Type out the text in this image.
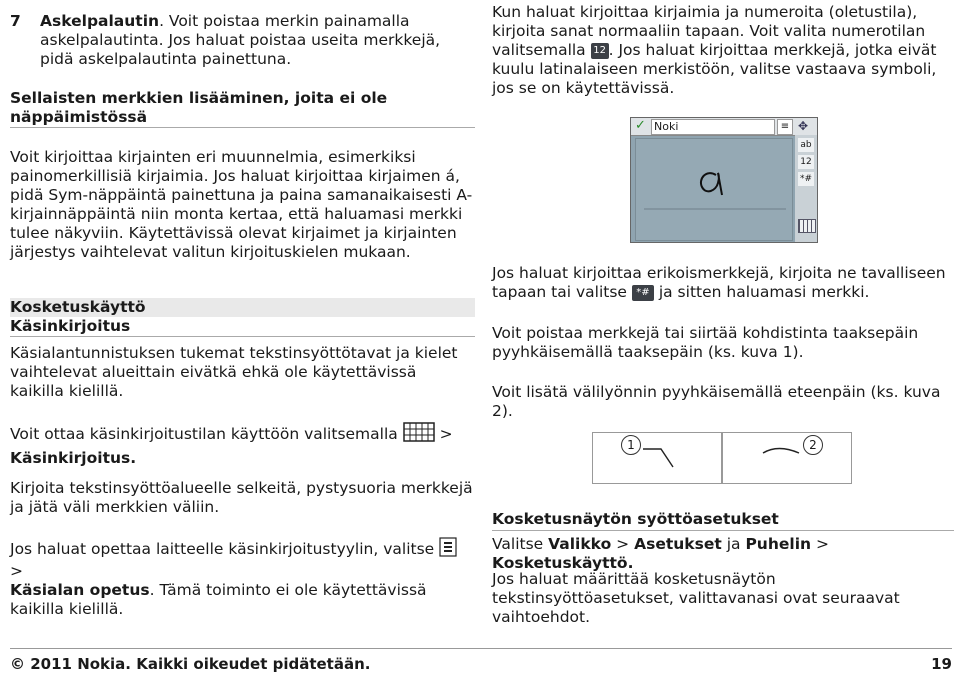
7 Askelpalautin. Voit poistaa merkin painamalla askelpalautinta. Jos haluat poistaa useita merkkejä, pidä askelpalautinta painettuna.
Sellaisten merkkien lisääminen, joita ei ole näppäimistössä

Voit kirjoittaa kirjainten eri muunnelmia, esimerkiksi painomerkillisiä kirjaimia. Jos haluat kirjoittaa kirjaimen á, pidä Sym-näppäintä painettuna ja paina samanaikaisesti A-kirjainnäppäintä niin monta kertaa, että haluamasi merkki tulee näkyviin. Käytettävissä olevat kirjaimet ja kirjainten järjestys vaihtelevat valitun kirjoituskielen mukaan.

Kosketuskäyttö
Käsinkirjoitus

Käsialantunnistuksen tukemat tekstinsyöttötavat ja kielet vaihtelevat alueittain eivätkä ehkä ole käytettävissä kaikilla kielillä.

Voit ottaa käsinkirjoitustilan käyttöön valitsemalla	>
Käsinkirjoitus.

Kirjoita tekstinsyöttöalueelle selkeitä, pystysuoria merkkejä ja jätä väli merkkien väliin.

Jos haluat opettaa laitteelle käsinkirjoitustyylin, valitse  >
Käsialan opetus. Tämä toiminto ei ole käytettävissä kaikilla kielillä.

Kun haluat kirjoittaa kirjaimia ja numeroita (oletustila), kirjoita sanat normaaliin tapaan. Voit valita numerotilan valitsemalla 12 . Jos haluat kirjoittaa merkkejä, jotka eivät kuulu latinalaiseen merkistöön, valitse vastaava symboli, jos se on käytettävissä.

✓ Noki	≡ ✥
ab
12
*#

Jos haluat kirjoittaa erikoismerkkejä, kirjoita ne tavalliseen tapaan tai valitse *# ja sitten haluamasi merkki.

Voit poistaa merkkejä tai siirtää kohdistinta taaksepäin pyyhkäisemällä taaksepäin (ks. kuva 1).

Voit lisätä välilyönnin pyyhkäisemällä eteenpäin (ks. kuva 2).

1	2
Kosketusnäytön syöttöasetukset

Valitse Valikko > Asetukset ja Puhelin > Kosketuskäyttö.

Jos haluat määrittää kosketusnäytön tekstinsyöttöasetukset, valittavanasi ovat seuraavat vaihtoehdot.

© 2011 Nokia. Kaikki oikeudet pidätetään.	19
